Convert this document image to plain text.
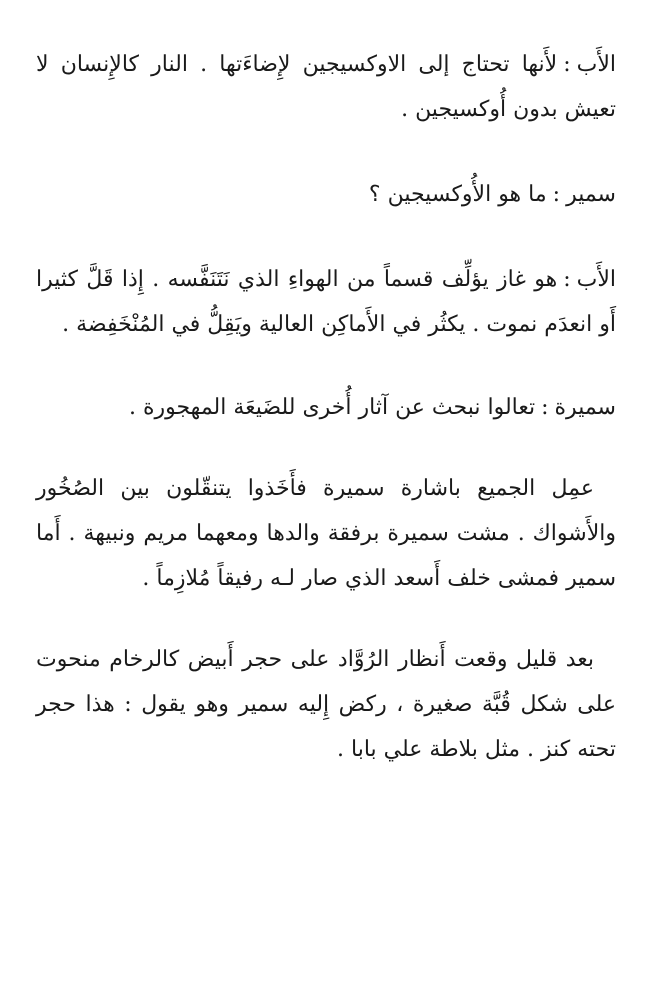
الأَب:لأَنها تحتاج إلى الاوكسيجين لإِضاءَتها . النار كالإِنسان لا تعيش بدون أُوكسيجين .

سمير:ما هو الأُوكسيجين ؟

الأَب:هو غاز يؤلِّف قسماً من الهواءِ الذي نَتَنَفَّسه . إِذا قَلَّ كثيرا أَو انعدَم نموت . يكثُر في الأَماكِن العالية ويَقِلُّ في المُنْخَفِضة .

سميرة:تعالوا نبحث عن آثار أُخرى للضَيعَة المهجورة .

عمِل الجميع باشارة سميرة فأَخَذوا يتنقّلون بين الصُخُور والأَشواك . مشت سميرة برفقة والدها ومعهما مريم ونبيهة . أَما سمير فمشى خلف أَسعد الذي صار لـه رفيقاً مُلازِماً .

بعد قليل وقعت أَنظار الرُوَّاد على حجر أَبيض كالرخام منحوت على شكل قُبَّة صغيرة ، ركض إِليه سمير وهو يقول : هذا حجر تحته كنز . مثل بلاطة علي بابا .
